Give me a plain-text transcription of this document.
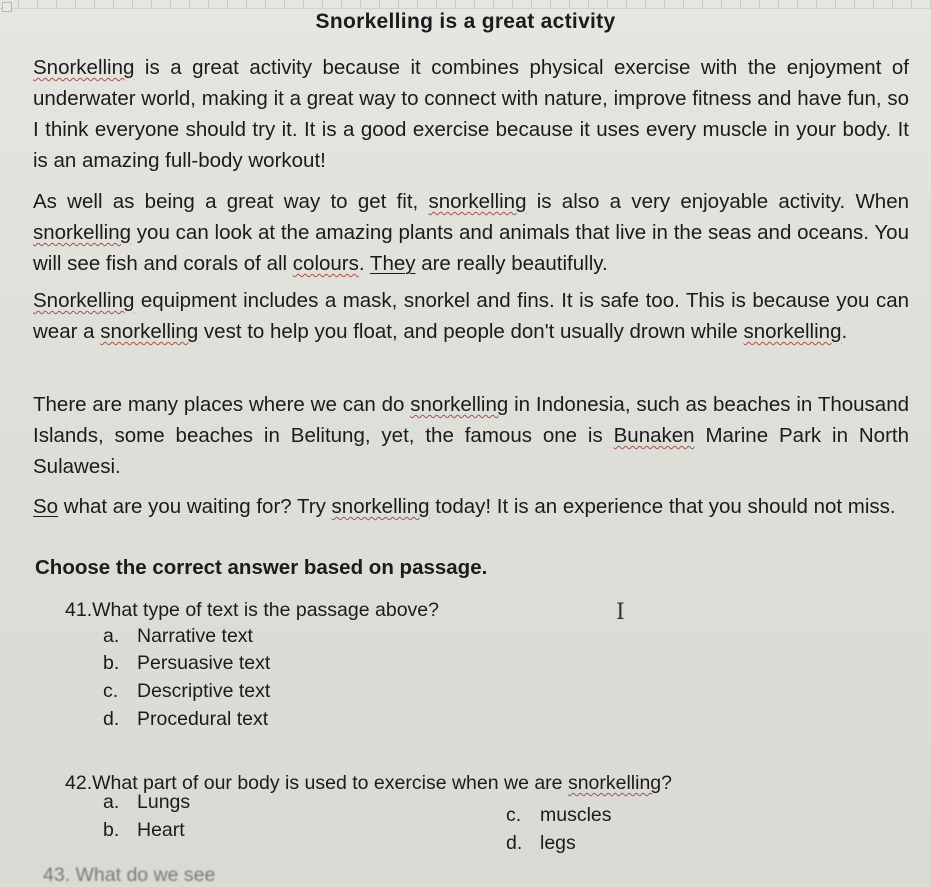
Snorkelling is a great activity

Snorkelling is a great activity because it combines physical exercise with the enjoyment of underwater world, making it a great way to connect with nature, improve fitness and have fun, so I think everyone should try it. It is a good exercise because it uses every muscle in your body. It is an amazing full-body workout!

As well as being a great way to get fit, snorkelling is also a very enjoyable activity. When snorkelling you can look at the amazing plants and animals that live in the seas and oceans. You will see fish and corals of all colours. They are really beautifully.

Snorkelling equipment includes a mask, snorkel and fins. It is safe too. This is because you can wear a snorkelling vest to help you float, and people don't usually drown while snorkelling.

There are many places where we can do snorkelling in Indonesia, such as beaches in Thousand Islands, some beaches in Belitung, yet, the famous one is Bunaken Marine Park in North Sulawesi.

So what are you waiting for? Try snorkelling today! It is an experience that you should not miss.

Choose the correct answer based on passage.
41.What type of text is the passage above?	I
a. Narrative text
b. Persuasive text
c. Descriptive text
d. Procedural text
42.What part of our body is used to exercise when we are snorkelling?
a. Lungs
b. Heart
c. muscles
d. legs
43. What do we see
